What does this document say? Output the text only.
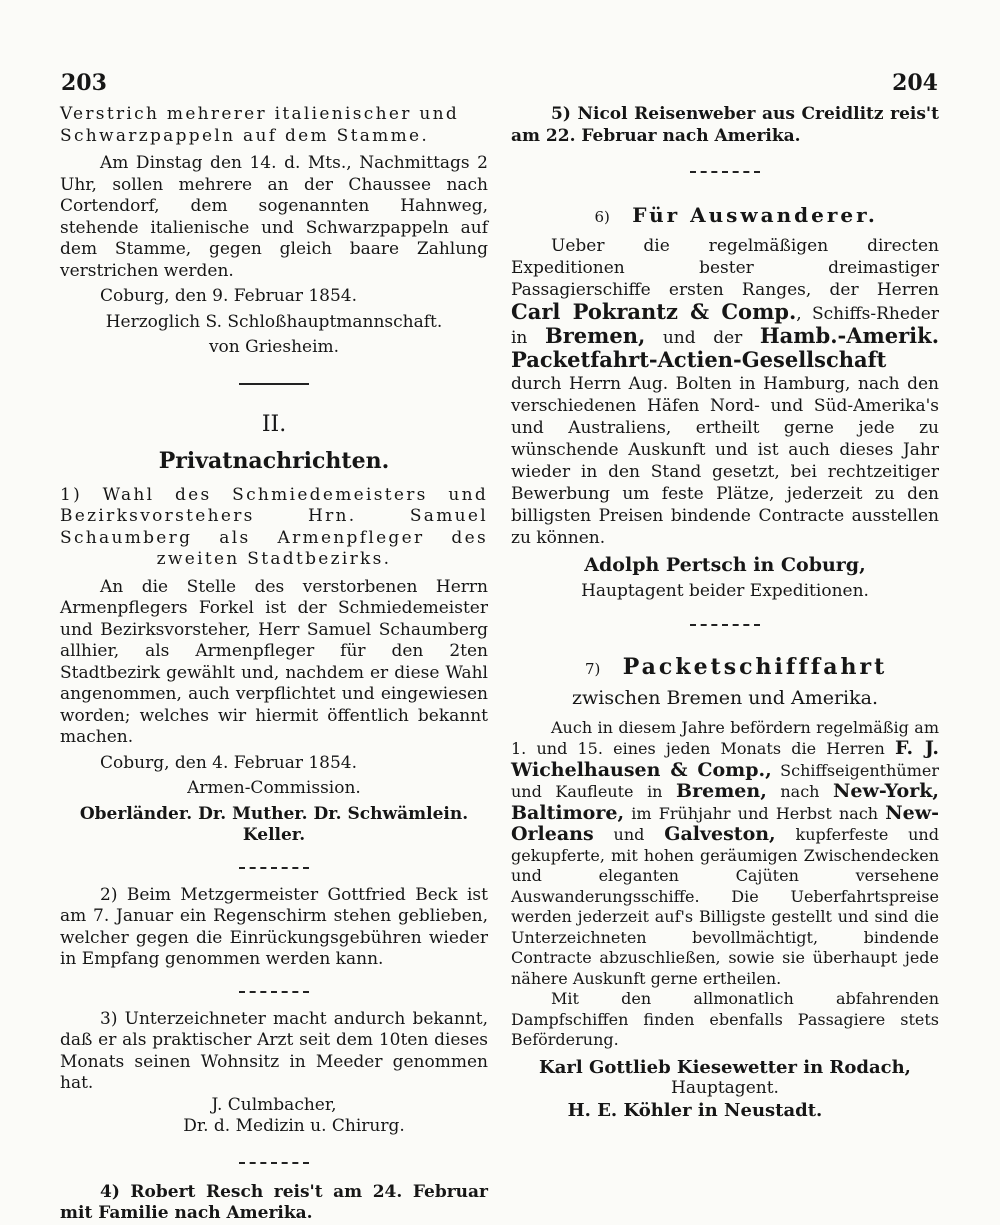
203	204

Verstrich mehrerer italienischer und
Schwarzpappeln auf dem Stamme.

Am Dinstag den 14. d. Mts., Nachmittags 2 Uhr, sollen mehrere an der Chaussee nach Cortendorf, dem sogenannten Hahnweg, stehende italienische und Schwarzpappeln auf dem Stamme, gegen gleich baare Zahlung verstrichen werden.

Coburg, den 9. Februar 1854.

Herzoglich S. Schloßhauptmannschaft.

von Griesheim.

II.

Privatnachrichten.

1) Wahl des Schmiedemeisters und Bezirksvorstehers Hrn. Samuel Schaumberg als Armenpfleger des zweiten Stadtbezirks.

An die Stelle des verstorbenen Herrn Armenpflegers Forkel ist der Schmiedemeister und Bezirksvorsteher, Herr Samuel Schaumberg allhier, als Armenpfleger für den 2ten Stadtbezirk gewählt und, nachdem er diese Wahl angenommen, auch verpflichtet und eingewiesen worden; welches wir hiermit öffentlich bekannt machen.

Coburg, den 4. Februar 1854.

Armen-Commission.

Oberländer. Dr. Muther. Dr. Schwämlein. Keller.

2) Beim Metzgermeister Gottfried Beck ist am 7. Januar ein Regenschirm stehen geblieben, welcher gegen die Einrückungsgebühren wieder in Empfang genommen werden kann.

3) Unterzeichneter macht andurch bekannt, daß er als praktischer Arzt seit dem 10ten dieses Monats seinen Wohnsitz in Meeder genommen hat.

J. Culmbacher,

Dr. d. Medizin u. Chirurg.

4) Robert Resch reis't am 24. Februar mit Familie nach Amerika.

5) Nicol Reisenweber aus Creidlitz reis't am 22. Februar nach Amerika.

6) Für Auswanderer.

Ueber die regelmäßigen directen Expeditionen bester dreimastiger Passagierschiffe ersten Ranges, der Herren Carl Pokrantz & Comp., Schiffs-Rheder in Bremen, und der Hamb.-Amerik. Packetfahrt-Actien-Gesellschaft durch Herrn Aug. Bolten in Hamburg, nach den verschiedenen Häfen Nord- und Süd-Amerika's und Australiens, ertheilt gerne jede zu wünschende Auskunft und ist auch dieses Jahr wieder in den Stand gesetzt, bei rechtzeitiger Bewerbung um feste Plätze, jederzeit zu den billigsten Preisen bindende Contracte ausstellen zu können.

Adolph Pertsch in Coburg,

Hauptagent beider Expeditionen.

7) Packetschifffahrt

zwischen Bremen und Amerika.

Auch in diesem Jahre befördern regelmäßig am 1. und 15. eines jeden Monats die Herren F. J. Wichelhausen & Comp., Schiffseigenthümer und Kaufleute in Bremen, nach New-York, Baltimore, im Frühjahr und Herbst nach New-Orleans und Galveston, kupferfeste und gekupferte, mit hohen geräumigen Zwischendecken und eleganten Cajüten versehene Auswanderungsschiffe. Die Ueberfahrtspreise werden jederzeit auf's Billigste gestellt und sind die Unterzeichneten bevollmächtigt, bindende Contracte abzuschließen, sowie sie überhaupt jede nähere Auskunft gerne ertheilen.

Mit den allmonatlich abfahrenden Dampfschiffen finden ebenfalls Passagiere stets Beförderung.

Karl Gottlieb Kiesewetter in Rodach,

Hauptagent.

H. E. Köhler in Neustadt.
